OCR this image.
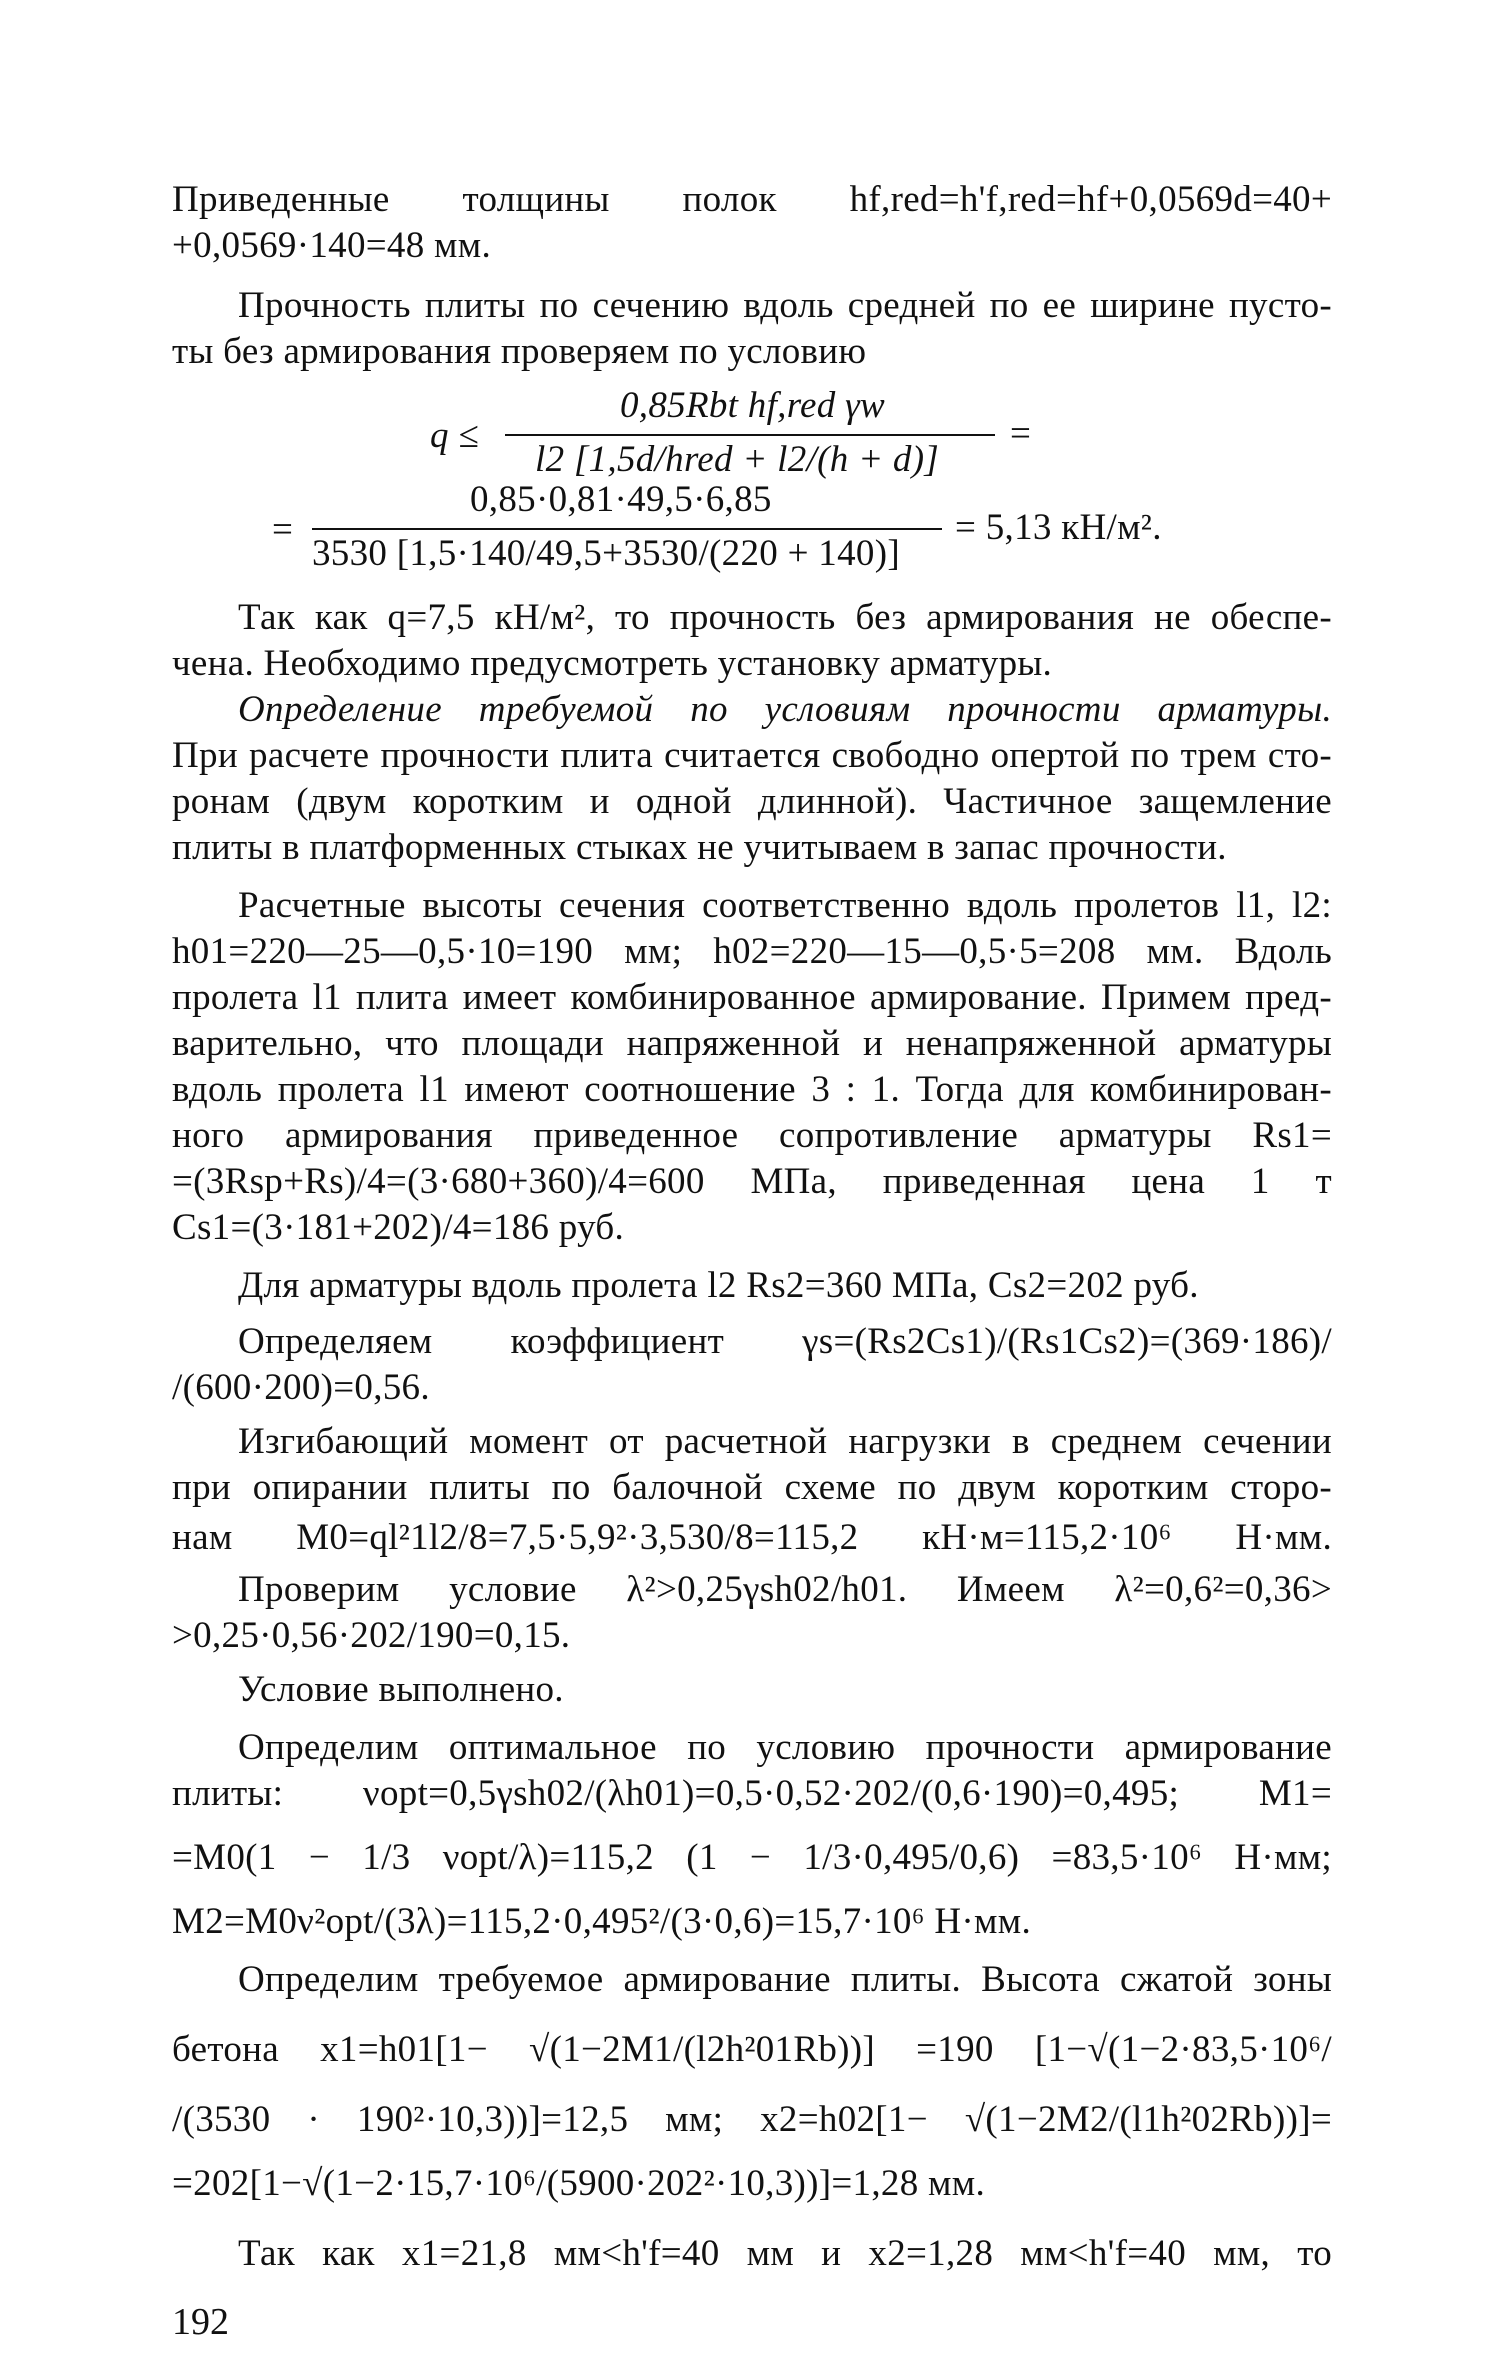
Приведенные толщины полок hf,red=h'f,red=hf+0,0569d=40+
+0,0569·140=48 мм.
Прочность плиты по сечению вдоль средней по ее ширине пусто-
ты без армирования проверяем по условию
0,85Rbt hf,red γw
q ≤
l2 [1,5d/hred + l2/(h + d)]
=
0,85·0,81·49,5·6,85
=
3530 [1,5·140/49,5+3530/(220 + 140)]
= 5,13 кН/м².
Так как q=7,5 кН/м², то прочность без армирования не обеспе-
чена. Необходимо предусмотреть установку арматуры.
Определение требуемой по условиям прочности арматуры.
При расчете прочности плита считается свободно опертой по трем сто-
ронам (двум коротким и одной длинной). Частичное защемление
плиты в платформенных стыках не учитываем в запас прочности.
Расчетные высоты сечения соответственно вдоль пролетов l1, l2:
h01=220—25—0,5·10=190 мм; h02=220—15—0,5·5=208 мм. Вдоль
пролета l1 плита имеет комбинированное армирование. Примем пред-
варительно, что площади напряженной и ненапряженной арматуры
вдоль пролета l1 имеют соотношение 3 : 1. Тогда для комбинирован-
ного армирования приведенное сопротивление арматуры Rs1=
=(3Rsp+Rs)/4=(3·680+360)/4=600 МПа, приведенная цена 1 т
Cs1=(3·181+202)/4=186 руб.
Для арматуры вдоль пролета l2 Rs2=360 МПа, Cs2=202 руб.
Определяем коэффициент γs=(Rs2Cs1)/(Rs1Cs2)=(369·186)/
/(600·200)=0,56.
Изгибающий момент от расчетной нагрузки в среднем сечении
при опирании плиты по балочной схеме по двум коротким сторо-
нам M0=ql²1l2/8=7,5·5,9²·3,530/8=115,2 кН·м=115,2·10⁶ Н·мм.
Проверим условие λ²>0,25γsh02/h01. Имеем λ²=0,6²=0,36>
>0,25·0,56·202/190=0,15.
Условие выполнено.
Определим оптимальное по условию прочности армирование
плиты: νopt=0,5γsh02/(λh01)=0,5·0,52·202/(0,6·190)=0,495; M1=
=M0(1 − 1/3 νopt/λ)=115,2 (1 − 1/3·0,495/0,6) =83,5·10⁶ Н·мм;
M2=M0ν²opt/(3λ)=115,2·0,495²/(3·0,6)=15,7·10⁶ Н·мм.
Определим требуемое армирование плиты. Высота сжатой зоны
бетона x1=h01[1− √(1−2M1/(l2h²01Rb))] =190 [1−√(1−2·83,5·10⁶/
/(3530 · 190²·10,3))]=12,5 мм; x2=h02[1− √(1−2M2/(l1h²02Rb))]=
=202[1−√(1−2·15,7·10⁶/(5900·202²·10,3))]=1,28 мм.
Так как x1=21,8 мм<h'f=40 мм и x2=1,28 мм<h'f=40 мм, то
192
